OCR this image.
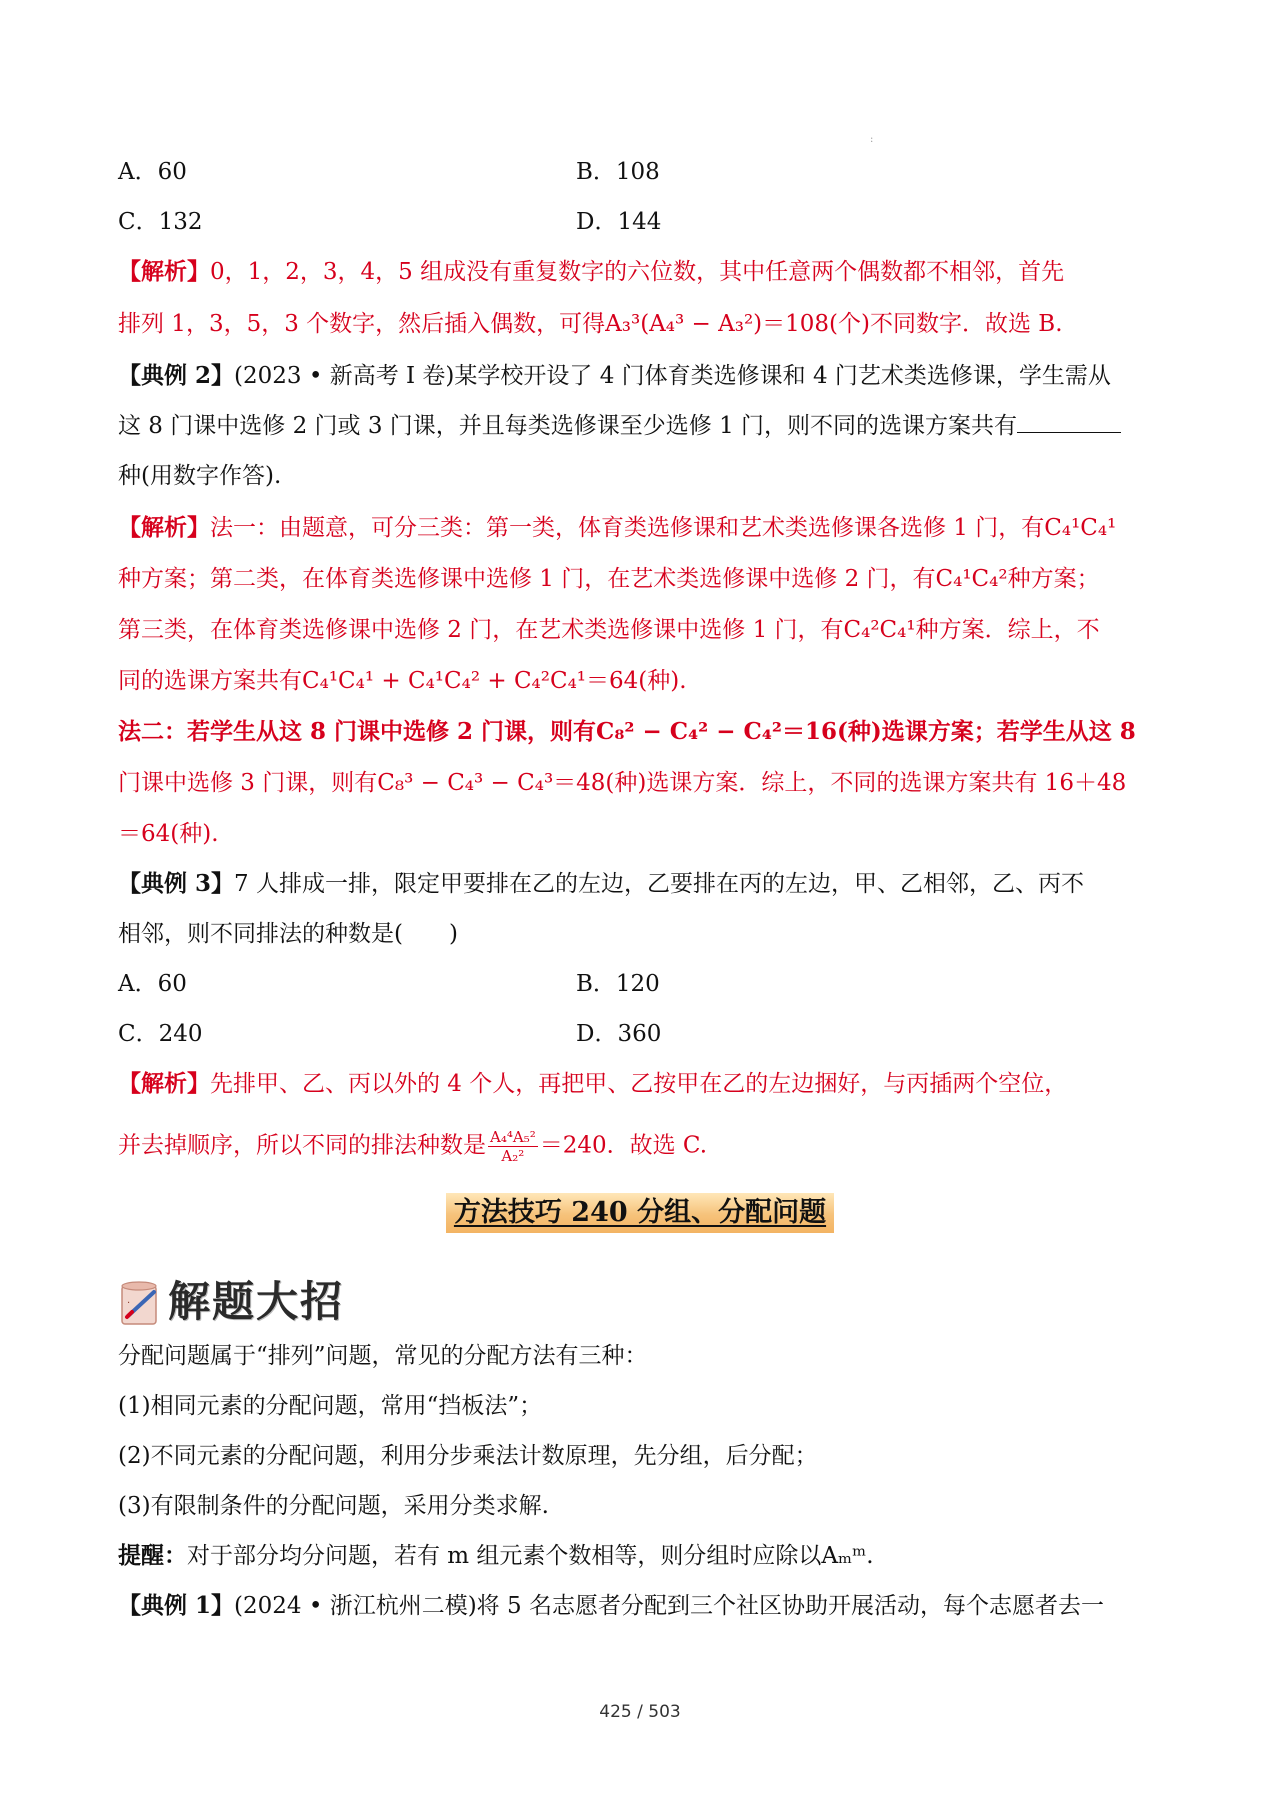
:
A．60	B．108
C．132	D．144
【解析】0，1，2，3，4，5 组成没有重复数字的六位数，其中任意两个偶数都不相邻，首先
排列 1，3，5，3 个数字，然后插入偶数，可得A₃³(A₄³ − A₃²)＝108(个)不同数字．故选 B.
【典例 2】(2023 • 新高考 Ⅰ 卷)某学校开设了 4 门体育类选修课和 4 门艺术类选修课，学生需从
这 8 门课中选修 2 门或 3 门课，并且每类选修课至少选修 1 门，则不同的选课方案共有
种(用数字作答).
【解析】法一：由题意，可分三类：第一类，体育类选修课和艺术类选修课各选修 1 门，有C₄¹C₄¹
种方案；第二类，在体育类选修课中选修 1 门，在艺术类选修课中选修 2 门，有C₄¹C₄²种方案；
第三类，在体育类选修课中选修 2 门，在艺术类选修课中选修 1 门，有C₄²C₄¹种方案．综上，不
同的选课方案共有C₄¹C₄¹ + C₄¹C₄² + C₄²C₄¹＝64(种).
法二：若学生从这 8 门课中选修 2 门课，则有C₈² − C₄² − C₄²＝16(种)选课方案；若学生从这 8
门课中选修 3 门课，则有C₈³ − C₄³ − C₄³＝48(种)选课方案．综上，不同的选课方案共有 16＋48
＝64(种).
【典例 3】7 人排成一排，限定甲要排在乙的左边，乙要排在丙的左边，甲、乙相邻，乙、丙不
相邻，则不同排法的种数是(　　)
A．60	B．120
C．240	D．360
【解析】先排甲、乙、丙以外的 4 个人，再把甲、乙按甲在乙的左边捆好，与丙插两个空位，
并去掉顺序，所以不同的排法种数是 $\frac{\text{A₄⁴A₅²}}{\text{A₂²}} =240$．故选 C.
方法技巧 240 分组、分配问题
· 解题大招
分配问题属于“排列”问题，常见的分配方法有三种：
(1)相同元素的分配问题，常用“挡板法”；
(2)不同元素的分配问题，利用分步乘法计数原理，先分组，后分配；
(3)有限制条件的分配问题，采用分类求解.
提醒：对于部分均分问题，若有 m 组元素个数相等，则分组时应除以Aₘᵐ.
【典例 1】(2024 • 浙江杭州二模)将 5 名志愿者分配到三个社区协助开展活动，每个志愿者去一
425 / 503
